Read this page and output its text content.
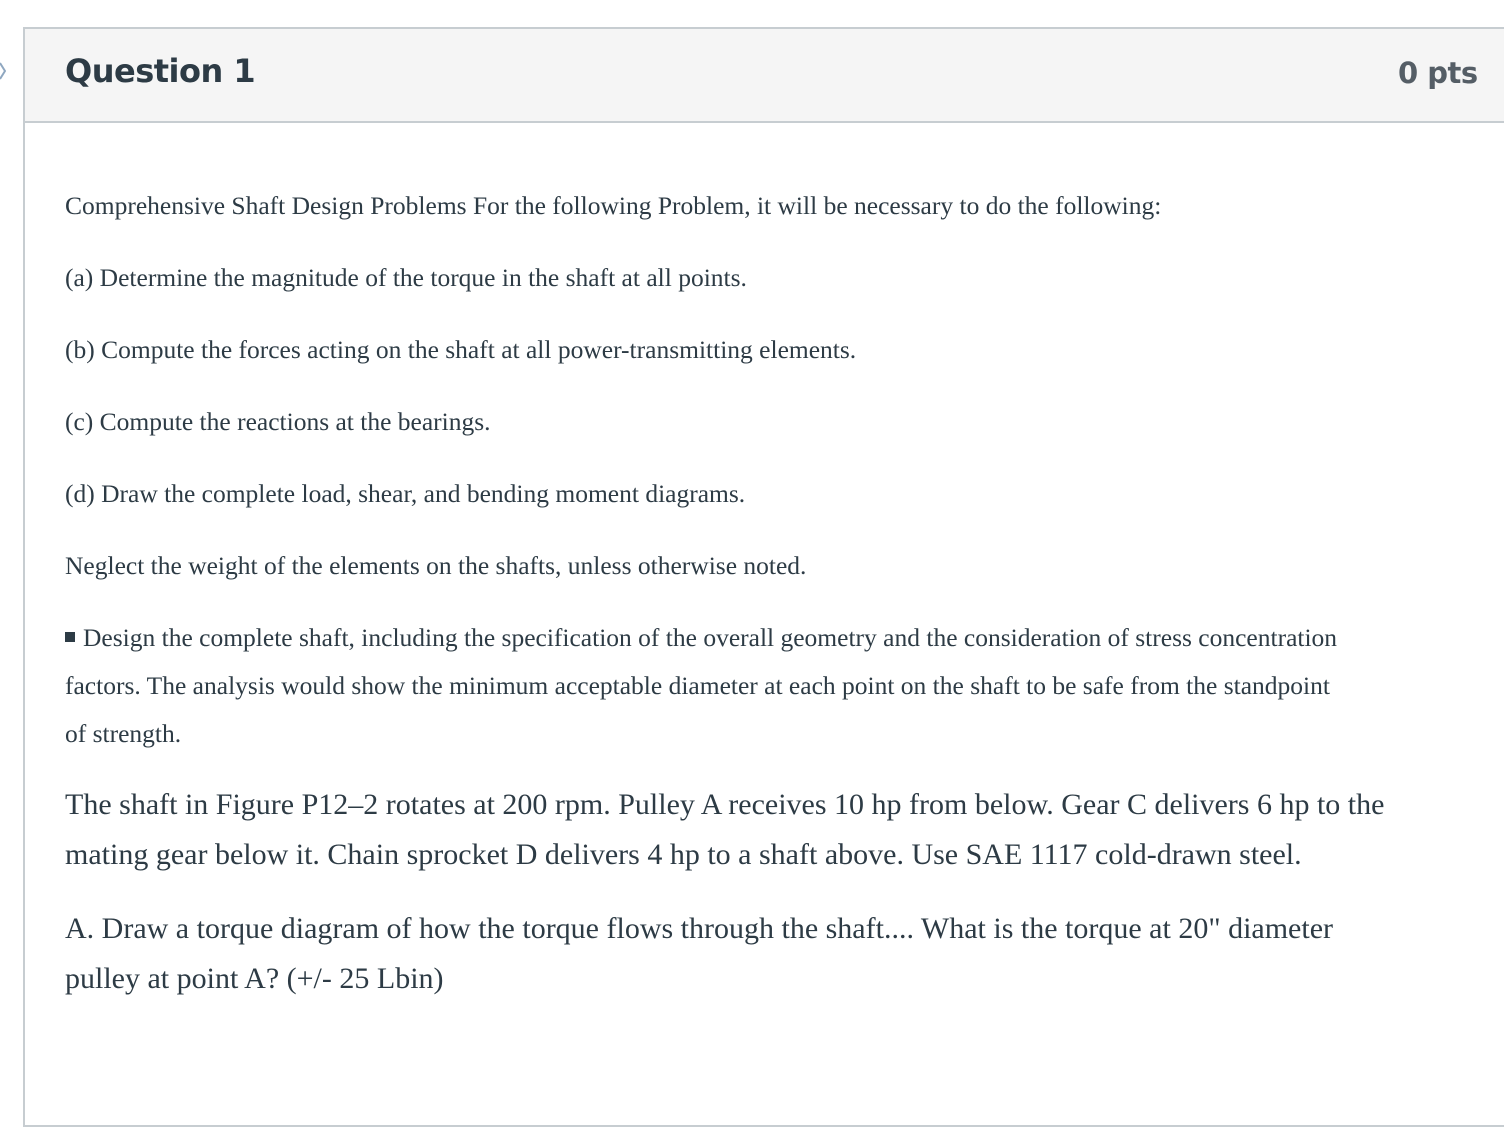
Question 1	0 pts
Comprehensive Shaft Design Problems For the following Problem, it will be necessary to do the following:
(a) Determine the magnitude of the torque in the shaft at all points.
(b) Compute the forces acting on the shaft at all power-transmitting elements.
(c) Compute the reactions at the bearings.
(d) Draw the complete load, shear, and bending moment diagrams.
Neglect the weight of the elements on the shafts, unless otherwise noted.
Design the complete shaft, including the specification of the overall geometry and the consideration of stress concentration
factors. The analysis would show the minimum acceptable diameter at each point on the shaft to be safe from the standpoint
of strength.
The shaft in Figure P12–2 rotates at 200 rpm. Pulley A receives 10 hp from below. Gear C delivers 6 hp to the
mating gear below it. Chain sprocket D delivers 4 hp to a shaft above. Use SAE 1117 cold-drawn steel.
A. Draw a torque diagram of how the torque flows through the shaft.... What is the torque at 20" diameter
pulley at point A? (+/- 25 Lbin)
